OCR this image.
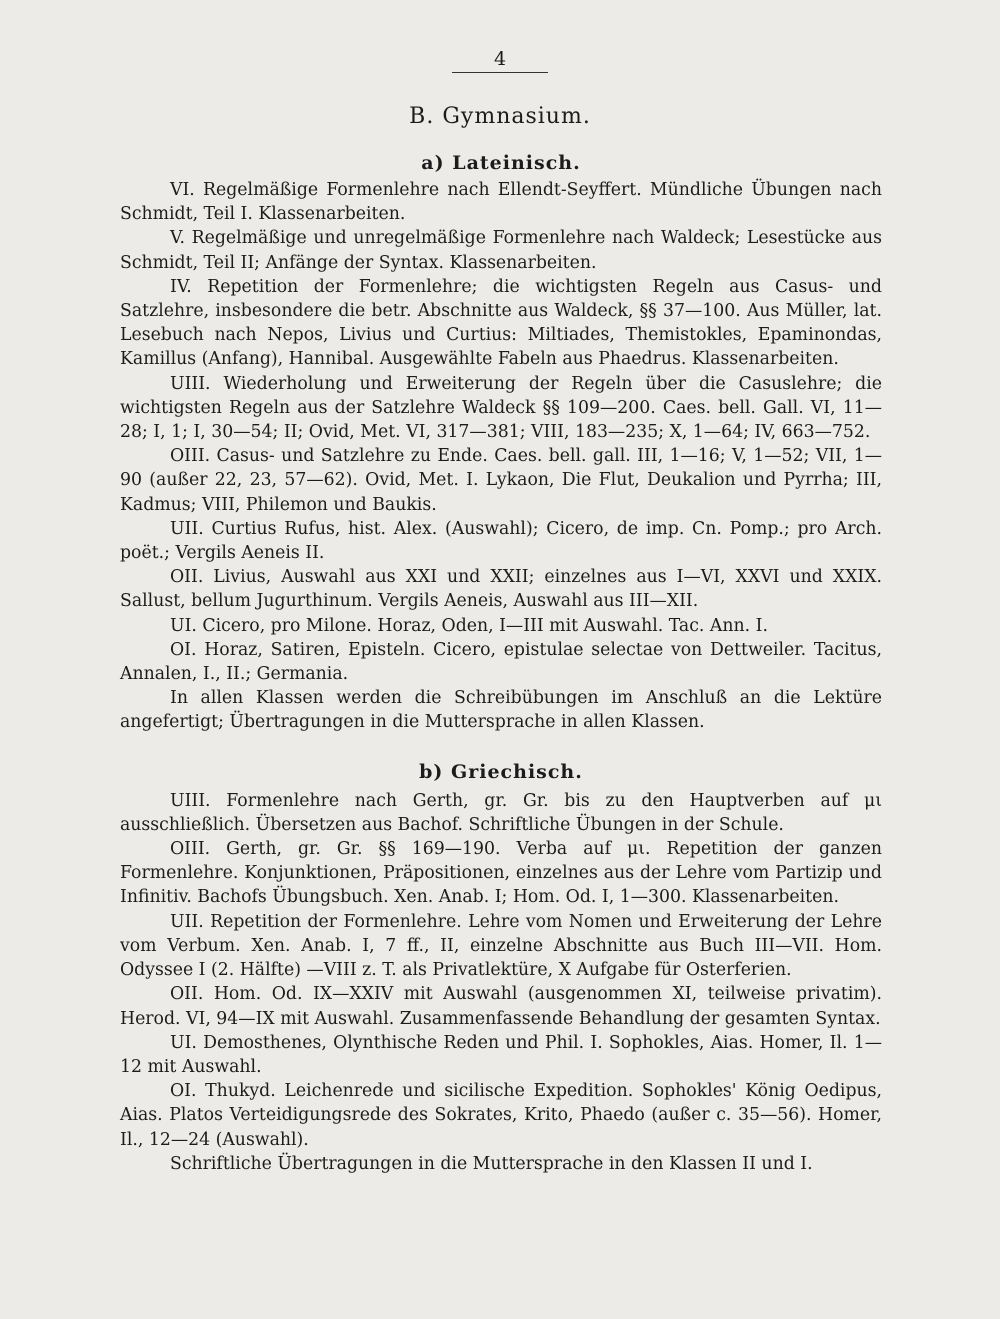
4
B. Gymnasium.
a) Lateinisch.

VI. Regelmäßige Formenlehre nach Ellendt-Seyffert. Mündliche Übungen nach Schmidt, Teil I. Klassenarbeiten.

V. Regelmäßige und unregelmäßige Formenlehre nach Waldeck; Lesestücke aus Schmidt, Teil II; Anfänge der Syntax. Klassenarbeiten.

IV. Repetition der Formenlehre; die wichtigsten Regeln aus Casus- und Satzlehre, insbesondere die betr. Abschnitte aus Waldeck, §§ 37—100. Aus Müller, lat. Lesebuch nach Nepos, Livius und Curtius: Miltiades, Themistokles, Epaminondas, Kamillus (Anfang), Hannibal. Ausgewählte Fabeln aus Phaedrus. Klassenarbeiten.

UIII. Wiederholung und Erweiterung der Regeln über die Casuslehre; die wichtigsten Regeln aus der Satzlehre Waldeck §§ 109—200. Caes. bell. Gall. VI, 11—28; I, 1; I, 30—54; II; Ovid, Met. VI, 317—381; VIII, 183—235; X, 1—64; IV, 663—752.

OIII. Casus- und Satzlehre zu Ende. Caes. bell. gall. III, 1—16; V, 1—52; VII, 1—90 (außer 22, 23, 57—62). Ovid, Met. I. Lykaon, Die Flut, Deukalion und Pyrrha; III, Kadmus; VIII, Philemon und Baukis.

UII. Curtius Rufus, hist. Alex. (Auswahl); Cicero, de imp. Cn. Pomp.; pro Arch. poët.; Vergils Aeneis II.

OII. Livius, Auswahl aus XXI und XXII; einzelnes aus I—VI, XXVI und XXIX. Sallust, bellum Jugurthinum. Vergils Aeneis, Auswahl aus III—XII.

UI. Cicero, pro Milone. Horaz, Oden, I—III mit Auswahl. Tac. Ann. I.

OI. Horaz, Satiren, Episteln. Cicero, epistulae selectae von Dettweiler. Tacitus, Annalen, I., II.; Germania.

In allen Klassen werden die Schreibübungen im Anschluß an die Lektüre angefertigt; Übertragungen in die Muttersprache in allen Klassen.

b) Griechisch.

UIII. Formenlehre nach Gerth, gr. Gr. bis zu den Hauptverben auf μι ausschließlich. Übersetzen aus Bachof. Schriftliche Übungen in der Schule.

OIII. Gerth, gr. Gr. §§ 169—190. Verba auf μι. Repetition der ganzen Formenlehre. Konjunktionen, Präpositionen, einzelnes aus der Lehre vom Partizip und Infinitiv. Bachofs Übungsbuch. Xen. Anab. I; Hom. Od. I, 1—300. Klassenarbeiten.

UII. Repetition der Formenlehre. Lehre vom Nomen und Erweiterung der Lehre vom Verbum. Xen. Anab. I, 7 ff., II, einzelne Abschnitte aus Buch III—VII. Hom. Odyssee I (2. Hälfte) —VIII z. T. als Privatlektüre, X Aufgabe für Osterferien.

OII. Hom. Od. IX—XXIV mit Auswahl (ausgenommen XI, teilweise privatim). Herod. VI, 94—IX mit Auswahl. Zusammenfassende Behandlung der gesamten Syntax.

UI. Demosthenes, Olynthische Reden und Phil. I. Sophokles, Aias. Homer, Il. 1—12 mit Auswahl.

OI. Thukyd. Leichenrede und sicilische Expedition. Sophokles' König Oedipus, Aias. Platos Verteidigungsrede des Sokrates, Krito, Phaedo (außer c. 35—56). Homer, Il., 12—24 (Auswahl).

Schriftliche Übertragungen in die Muttersprache in den Klassen II und I.
